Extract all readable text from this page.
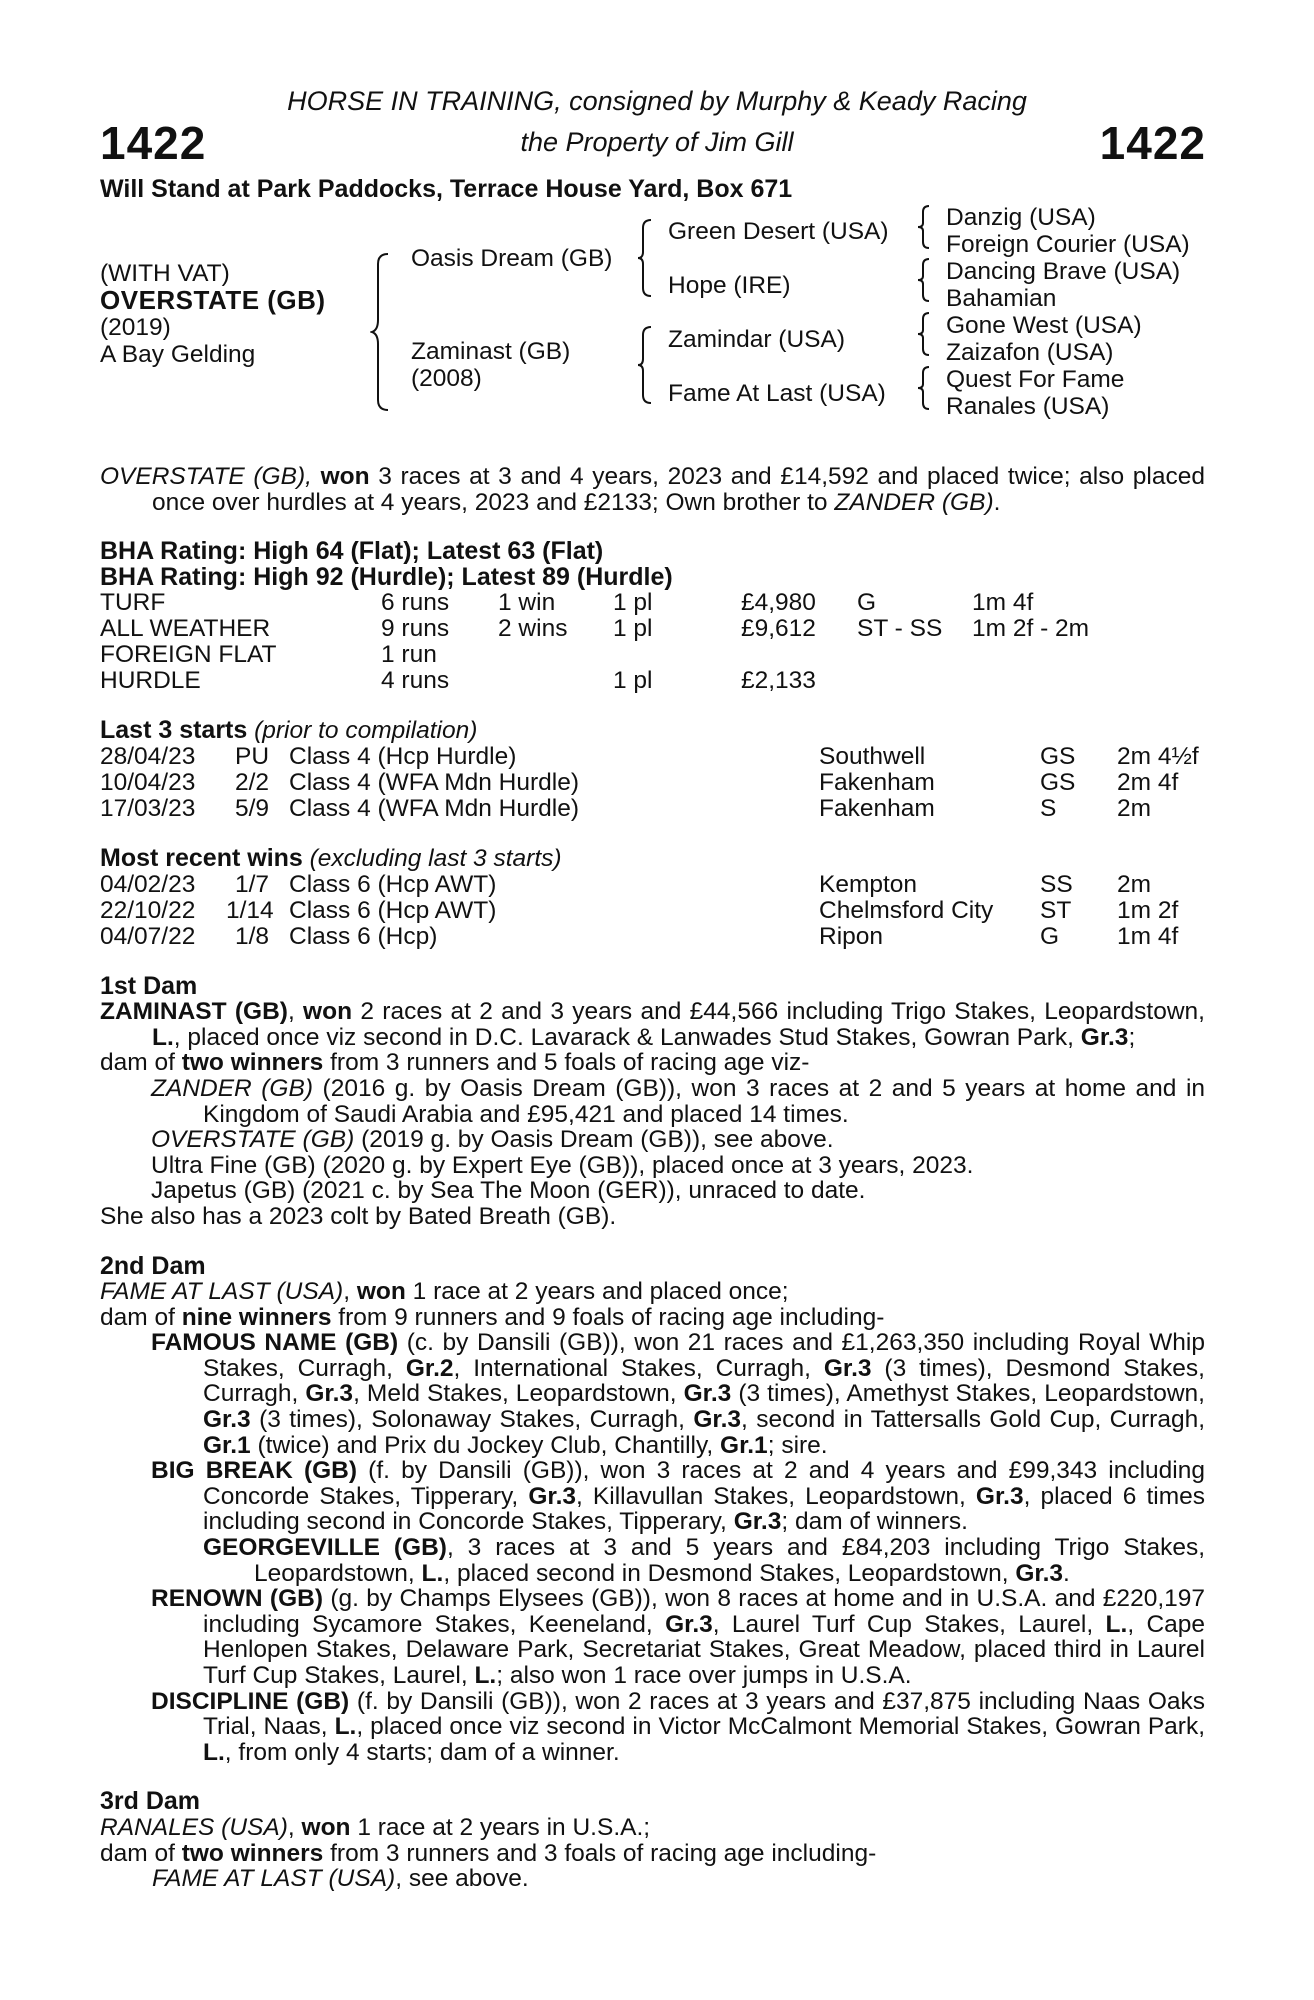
1422	1422
HORSE IN TRAINING, consigned by Murphy & Keady Racing
the Property of Jim Gill
Will Stand at Park Paddocks, Terrace House Yard, Box 671
(WITH VAT)
OVERSTATE (GB)
(2019)
A Bay Gelding
Oasis Dream (GB)
Zaminast (GB)
(2008)
Green Desert (USA)
Hope (IRE)
Zamindar (USA)
Fame At Last (USA)
Danzig (USA)
Foreign Courier (USA)
Dancing Brave (USA)
Bahamian
Gone West (USA)
Zaizafon (USA)
Quest For Fame
Ranales (USA)
OVERSTATE (GB), won 3 races at 3 and 4 years, 2023 and £14,592 and placed twice; also placed once over hurdles at 4 years, 2023 and £2133; Own brother to ZANDER (GB).
BHA Rating: High 64 (Flat); Latest 63 (Flat)
BHA Rating: High 92 (Hurdle); Latest 89 (Hurdle)
TURF	6 runs 1 win 1 pl	£4,980 G	1m 4f
ALL WEATHER	9 runs 2 wins 1 pl	£9,612 ST - SS 1m 2f - 2m
FOREIGN FLAT	1 run
HURDLE	4 runs	1 pl	£2,133
Last 3 starts (prior to compilation)
28/04/23 PU Class 4 (Hcp Hurdle)	Southwell	GS 2m 4½f
10/04/23 2/2 Class 4 (WFA Mdn Hurdle)	Fakenham	GS 2m 4f
17/03/23 5/9 Class 4 (WFA Mdn Hurdle)	Fakenham	S 2m
Most recent wins (excluding last 3 starts)
04/02/23 1/7 Class 6 (Hcp AWT)	Kempton	SS 2m
22/10/22 1/14 Class 6 (Hcp AWT)	Chelmsford City ST 1m 2f
04/07/22 1/8 Class 6 (Hcp)	Ripon	G 1m 4f
1st Dam
ZAMINAST (GB), won 2 races at 2 and 3 years and £44,566 including Trigo Stakes, Leopardstown, L., placed once viz second in D.C. Lavarack & Lanwades Stud Stakes, Gowran Park, Gr.3;
dam of two winners from 3 runners and 5 foals of racing age viz-
ZANDER (GB) (2016 g. by Oasis Dream (GB)), won 3 races at 2 and 5 years at home and in Kingdom of Saudi Arabia and £95,421 and placed 14 times.
OVERSTATE (GB) (2019 g. by Oasis Dream (GB)), see above.
Ultra Fine (GB) (2020 g. by Expert Eye (GB)), placed once at 3 years, 2023.
Japetus (GB) (2021 c. by Sea The Moon (GER)), unraced to date.
She also has a 2023 colt by Bated Breath (GB).
2nd Dam
FAME AT LAST (USA), won 1 race at 2 years and placed once;
dam of nine winners from 9 runners and 9 foals of racing age including-
FAMOUS NAME (GB) (c. by Dansili (GB)), won 21 races and £1,263,350 including Royal Whip Stakes, Curragh, Gr.2, International Stakes, Curragh, Gr.3 (3 times), Desmond Stakes, Curragh, Gr.3, Meld Stakes, Leopardstown, Gr.3 (3 times), Amethyst Stakes, Leopardstown, Gr.3 (3 times), Solonaway Stakes, Curragh, Gr.3, second in Tattersalls Gold Cup, Curragh, Gr.1 (twice) and Prix du Jockey Club, Chantilly, Gr.1; sire.
BIG BREAK (GB) (f. by Dansili (GB)), won 3 races at 2 and 4 years and £99,343 including Concorde Stakes, Tipperary, Gr.3, Killavullan Stakes, Leopardstown, Gr.3, placed 6 times including second in Concorde Stakes, Tipperary, Gr.3; dam of winners.
GEORGEVILLE (GB), 3 races at 3 and 5 years and £84,203 including Trigo Stakes, Leopardstown, L., placed second in Desmond Stakes, Leopardstown, Gr.3.
RENOWN (GB) (g. by Champs Elysees (GB)), won 8 races at home and in U.S.A. and £220,197 including Sycamore Stakes, Keeneland, Gr.3, Laurel Turf Cup Stakes, Laurel, L., Cape Henlopen Stakes, Delaware Park, Secretariat Stakes, Great Meadow, placed third in Laurel Turf Cup Stakes, Laurel, L.; also won 1 race over jumps in U.S.A.
DISCIPLINE (GB) (f. by Dansili (GB)), won 2 races at 3 years and £37,875 including Naas Oaks Trial, Naas, L., placed once viz second in Victor McCalmont Memorial Stakes, Gowran Park, L., from only 4 starts; dam of a winner.
3rd Dam
RANALES (USA), won 1 race at 2 years in U.S.A.;
dam of two winners from 3 runners and 3 foals of racing age including-
FAME AT LAST (USA), see above.
